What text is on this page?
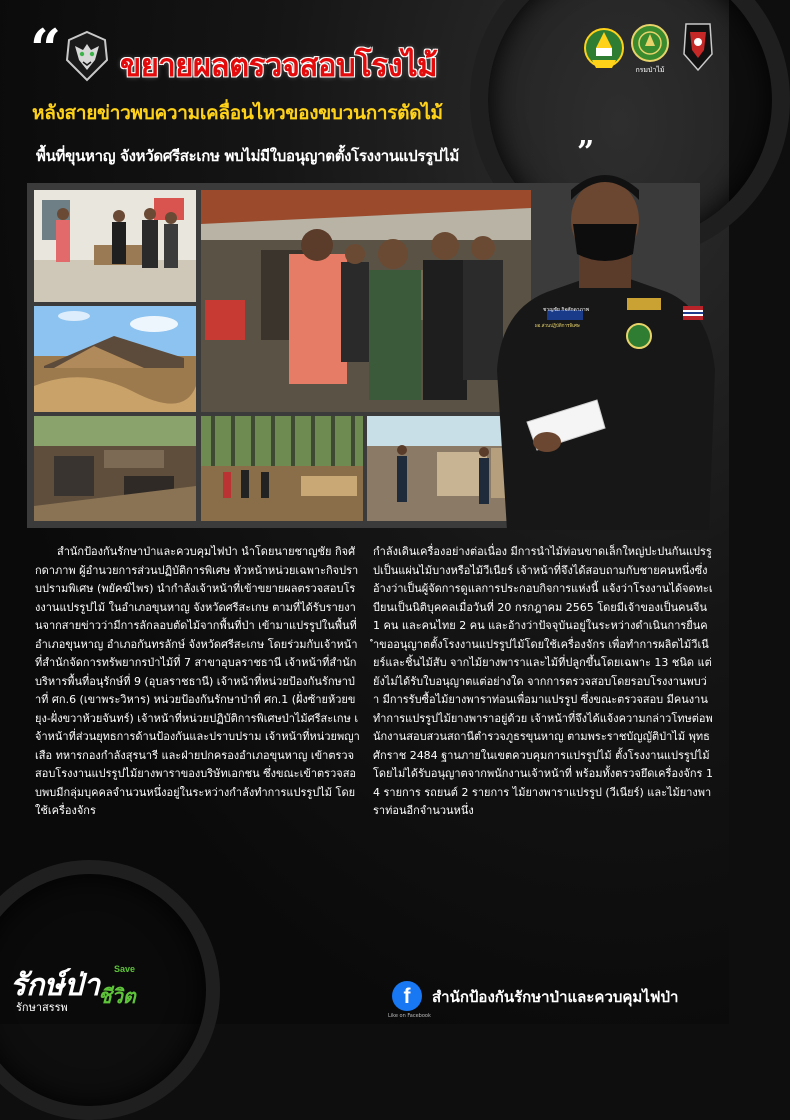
“ ขยายผลตรวจสอบโรงไม้	กรมป่าไม้
หลังสายข่าวพบความเคลื่อนไหวของขบวนการตัดไม้
พื้นที่ขุนหาญ จังหวัดศรีสะเกษ พบไม่มีใบอนุญาตตั้งโรงงานแปรรูปไม้	”
ชาญชัย กิจศักดาภาพ
ผอ.ส่วนปฏิบัติการพิเศษ

สำนักป้องกันรักษาป่าและควบคุมไฟป่า นำโดยนายชาญชัย กิจศักดาภาพ ผู้อำนวยการส่วนปฏิบัติการพิเศษ หัวหน้าหน่วยเฉพาะกิจปราบปรามพิเศษ (พยัคฆ์ไพร) นำกำลังเจ้าหน้าที่เข้าขยายผลตรวจสอบโรงงานแปรรูปไม้ ในอำเภอขุนหาญ จังหวัดศรีสะเกษ ตามที่ได้รับรายงานจากสายข่าวว่ามีการลักลอบตัดไม้จากพื้นที่ป่า เข้ามาแปรรูปในพื้นที่อำเภอขุนหาญ อำเภอกันทรลักษ์ จังหวัดศรีสะเกษ โดยร่วมกับเจ้าหน้าที่สำนักจัดการทรัพยากรป่าไม้ที่ 7 สาขาอุบลราชธานี เจ้าหน้าที่สำนักบริหารพื้นที่อนุรักษ์ที่ 9 (อุบลราชธานี) เจ้าหน้าที่หน่วยป้องกันรักษาป่าที่ ศก.6 (เขาพระวิหาร) หน่วยป้องกันรักษาป่าที่ ศก.1 (ฝั่งซ้ายห้วยขยุง-ฝั่งขวาห้วยจันทร์) เจ้าหน้าที่หน่วยปฏิบัติการพิเศษป่าไม้ศรีสะเกษ เจ้าหน้าที่ส่วนยุทธการด้านป้องกันและปราบปราม เจ้าหน้าที่หน่วยพญาเสือ ทหารกองกำลังสุรนารี และฝ่ายปกครองอำเภอขุนหาญ เข้าตรวจสอบโรงงานแปรรูปไม้ยางพาราของบริษัทเอกชน ซึ่งขณะเข้าตรวจสอบพบมีกลุ่มบุคคลจำนวนหนึ่งอยู่ในระหว่างกำลังทำการแปรรูปไม้ โดยใช้เครื่องจักร

กำลังเดินเครื่องอย่างต่อเนื่อง มีการนำไม้ท่อนขาดเล็กใหญ่ปะปนกันแปรรูปเป็นแผ่นไม้บางหรือไม้วีเนียร์ เจ้าหน้าที่จึงได้สอบถามกับชายคนหนึ่งซึ่งอ้างว่าเป็นผู้จัดการดูแลการประกอบกิจการแห่งนี้ แจ้งว่าโรงงานได้จดทะเบียนเป็นนิติบุคคลเมื่อวันที่ 20 กรกฎาคม 2565 โดยมีเจ้าของเป็นคนจีน 1 คน และคนไทย 2 คน และอ้างว่าปัจจุบันอยู่ในระหว่างดำเนินการยื่นคำขออนุญาตตั้งโรงงานแปรรูปไม้โดยใช้เครื่องจักร เพื่อทำการผลิตไม้วีเนียร์และชิ้นไม้สับ จากไม้ยางพาราและไม้ที่ปลูกขึ้นโดยเฉพาะ 13 ชนิด แต่ยังไม่ได้รับใบอนุญาตแต่อย่างใด จากการตรวจสอบโดยรอบโรงงานพบว่า มีการรับซื้อไม้ยางพาราท่อนเพื่อมาแปรรูป ซึ่งขณะตรวจสอบ มีคนงานทำการแปรรูปไม้ยางพาราอยู่ด้วย เจ้าหน้าที่จึงได้แจ้งความกล่าวโทษต่อพนักงานสอบสวนสถานีตำรวจภูธรขุนหาญ ตามพระราชบัญญัติป่าไม้ พุทธศักราช 2484 ฐานภายในเขตควบคุมการแปรรูปไม้ ตั้งโรงงานแปรรูปไม้โดยไม่ได้รับอนุญาตจากพนักงานเจ้าหน้าที่ พร้อมทั้งตรวจยึดเครื่องจักร 14 รายการ รถยนต์ 2 รายการ ไม้ยางพาราแปรรูป (วีเนียร์) และไม้ยางพาราท่อนอีกจำนวนหนึ่ง

รักษ์ป่า Save
รักษาสรรพ ชีวิต	f
Like on Facebook
สำนักป้องกันรักษาป่าและควบคุมไฟป่า
